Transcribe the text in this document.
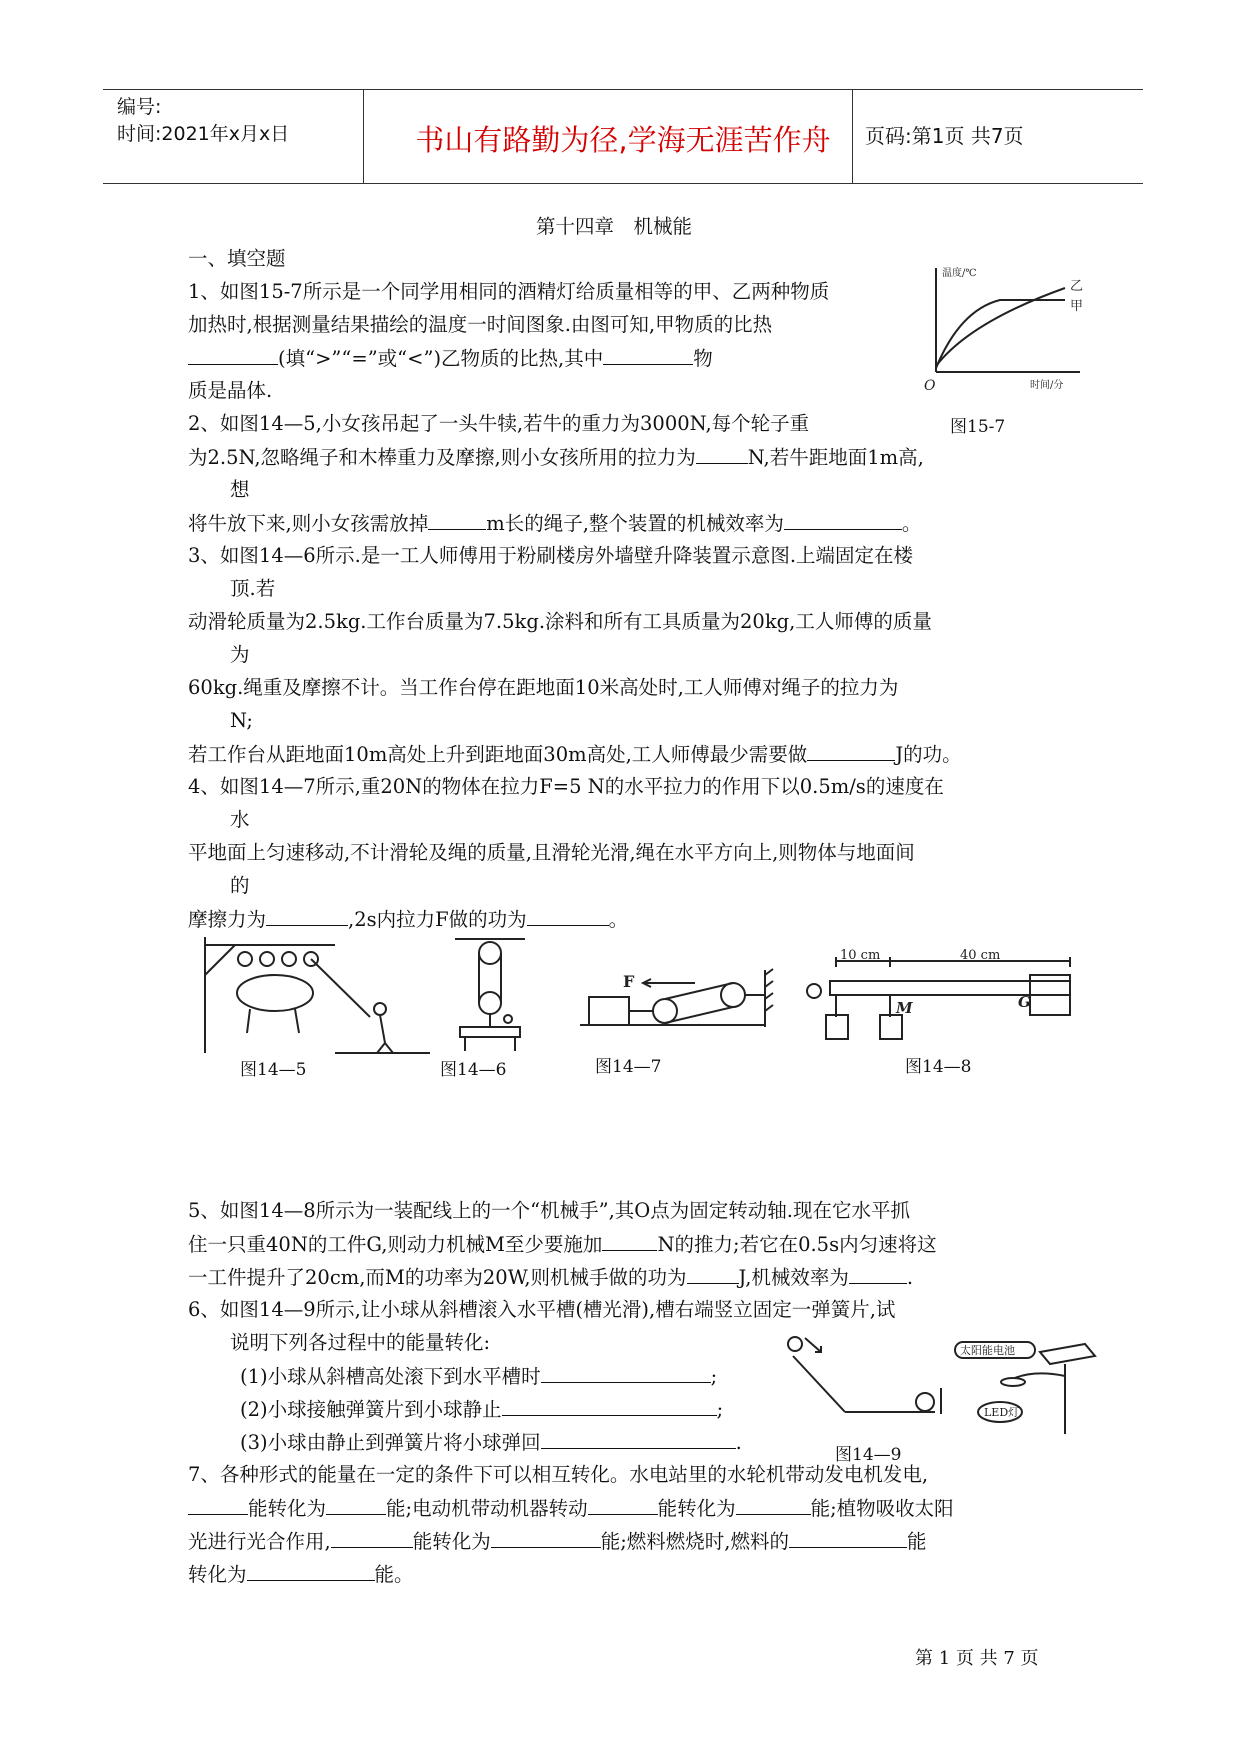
编号:
时间:2021年x月x日	书山有路勤为径,学海无涯苦作舟	页码:第1页 共7页
第十四章　机械能
一、填空题
1、如图15-7所示是一个同学用相同的酒精灯给质量相等的甲、乙两种物质
加热时,根据测量结果描绘的温度一时间图象.由图可知,甲物质的比热
(填“>”“=”或“<”)乙物质的比热,其中	物
质是晶体.
温度/℃
时间/分
O
乙
甲
图15-7
2、如图14—5,小女孩吊起了一头牛犊,若牛的重力为3000N,每个轮子重
为2.5N,忽略绳子和木棒重力及摩擦,则小女孩所用的拉力为	N,若牛距地面1m高,
想
将牛放下来,则小女孩需放掉	m长的绳子,整个装置的机械效率为	。
3、如图14—6所示.是一工人师傅用于粉刷楼房外墙壁升降装置示意图.上端固定在楼
顶.若
动滑轮质量为2.5kg.工作台质量为7.5kg.涂料和所有工具质量为20kg,工人师傅的质量
为
60kg.绳重及摩擦不计。当工作台停在距地面10米高处时,工人师傅对绳子的拉力为
N;
若工作台从距地面10m高处上升到距地面30m高处,工人师傅最少需要做	J的功。
4、如图14—7所示,重20N的物体在拉力F=5 N的水平拉力的作用下以0.5m/s的速度在
水
平地面上匀速移动,不计滑轮及绳的质量,且滑轮光滑,绳在水平方向上,则物体与地面间
的
摩擦力为	,2s内拉力F做的功为	。
图14—5	图14—6
F
图14—7
10 cm	40 cm
M	G
图14—8
5、如图14—8所示为一装配线上的一个“机械手”,其O点为固定转动轴.现在它水平抓
住一只重40N的工件G,则动力机械M至少要施加	N的推力;若它在0.5s内匀速将这
一工件提升了20cm,而M的功率为20W,则机械手做的功为	J,机械效率为	.
6、如图14—9所示,让小球从斜槽滚入水平槽(槽光滑),槽右端竖立固定一弹簧片,试
说明下列各过程中的能量转化:
(1)小球从斜槽高处滚下到水平槽时	;
(2)小球接触弹簧片到小球静止	;
(3)小球由静止到弹簧片将小球弹回	.
太阳能电池
LED灯
图14—9
7、各种形式的能量在一定的条件下可以相互转化。水电站里的水轮机带动发电机发电,
能转化为	能;电动机带动机器转动	能转化为	能;植物吸收太阳
光进行光合作用,	能转化为	能;燃料燃烧时,燃料的	能
转化为	能。
第 1 页 共 7 页
